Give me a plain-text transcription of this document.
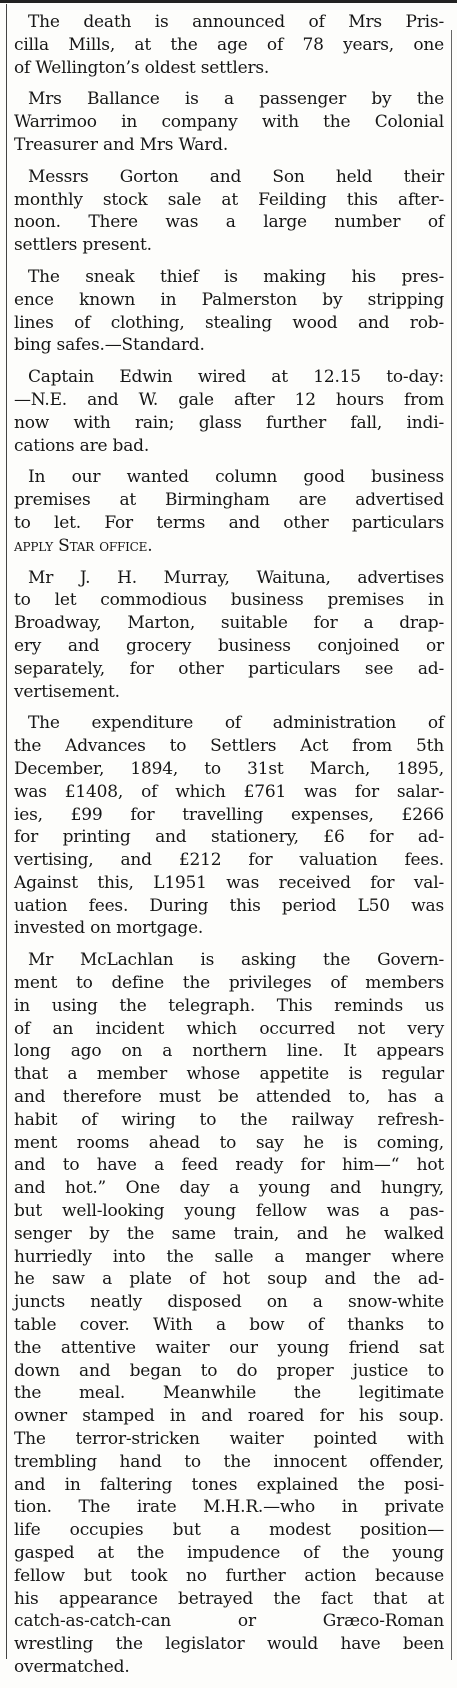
The death is announced of Mrs Pris-
cilla Mills, at the age of 78 years, one
of Wellington’s oldest settlers.
Mrs Ballance is a passenger by the
Warrimoo in company with the Colonial
Treasurer and Mrs Ward.
Messrs Gorton and Son held their
monthly stock sale at Feilding this after-
noon. There was a large number of
settlers present.
The sneak thief is making his pres-
ence known in Palmerston by stripping
lines of clothing, stealing wood and rob-
bing safes.—Standard.
Captain Edwin wired at 12.15 to-day:
—N.E. and W. gale after 12 hours from
now with rain; glass further fall, indi-
cations are bad.
In our wanted column good business
premises at Birmingham are advertised
to let. For terms and other particulars
apply Star office.
Mr J. H. Murray, Waituna, advertises
to let commodious business premises in
Broadway, Marton, suitable for a drap-
ery and grocery business conjoined or
separately, for other particulars see ad-
vertisement.
The expenditure of administration of
the Advances to Settlers Act from 5th
December, 1894, to 31st March, 1895,
was £1408, of which £761 was for salar-
ies, £99 for travelling expenses, £266
for printing and stationery, £6 for ad-
vertising, and £212 for valuation fees.
Against this, L1951 was received for val-
uation fees. During this period L50 was
invested on mortgage.
Mr McLachlan is asking the Govern-
ment to define the privileges of members
in using the telegraph. This reminds us
of an incident which occurred not very
long ago on a northern line. It appears
that a member whose appetite is regular
and therefore must be attended to, has a
habit of wiring to the railway refresh-
ment rooms ahead to say he is coming,
and to have a feed ready for him—“ hot
and hot.” One day a young and hungry,
but well-looking young fellow was a pas-
senger by the same train, and he walked
hurriedly into the salle a manger where
he saw a plate of hot soup and the ad-
juncts neatly disposed on a snow-white
table cover. With a bow of thanks to
the attentive waiter our young friend sat
down and began to do proper justice to
the meal. Meanwhile the legitimate
owner stamped in and roared for his soup.
The terror-stricken waiter pointed with
trembling hand to the innocent offender,
and in faltering tones explained the posi-
tion. The irate M.H.R.—who in private
life occupies but a modest position—
gasped at the impudence of the young
fellow but took no further action because
his appearance betrayed the fact that at
catch-as-catch-can or Græco-Roman
wrestling the legislator would have been
overmatched.
